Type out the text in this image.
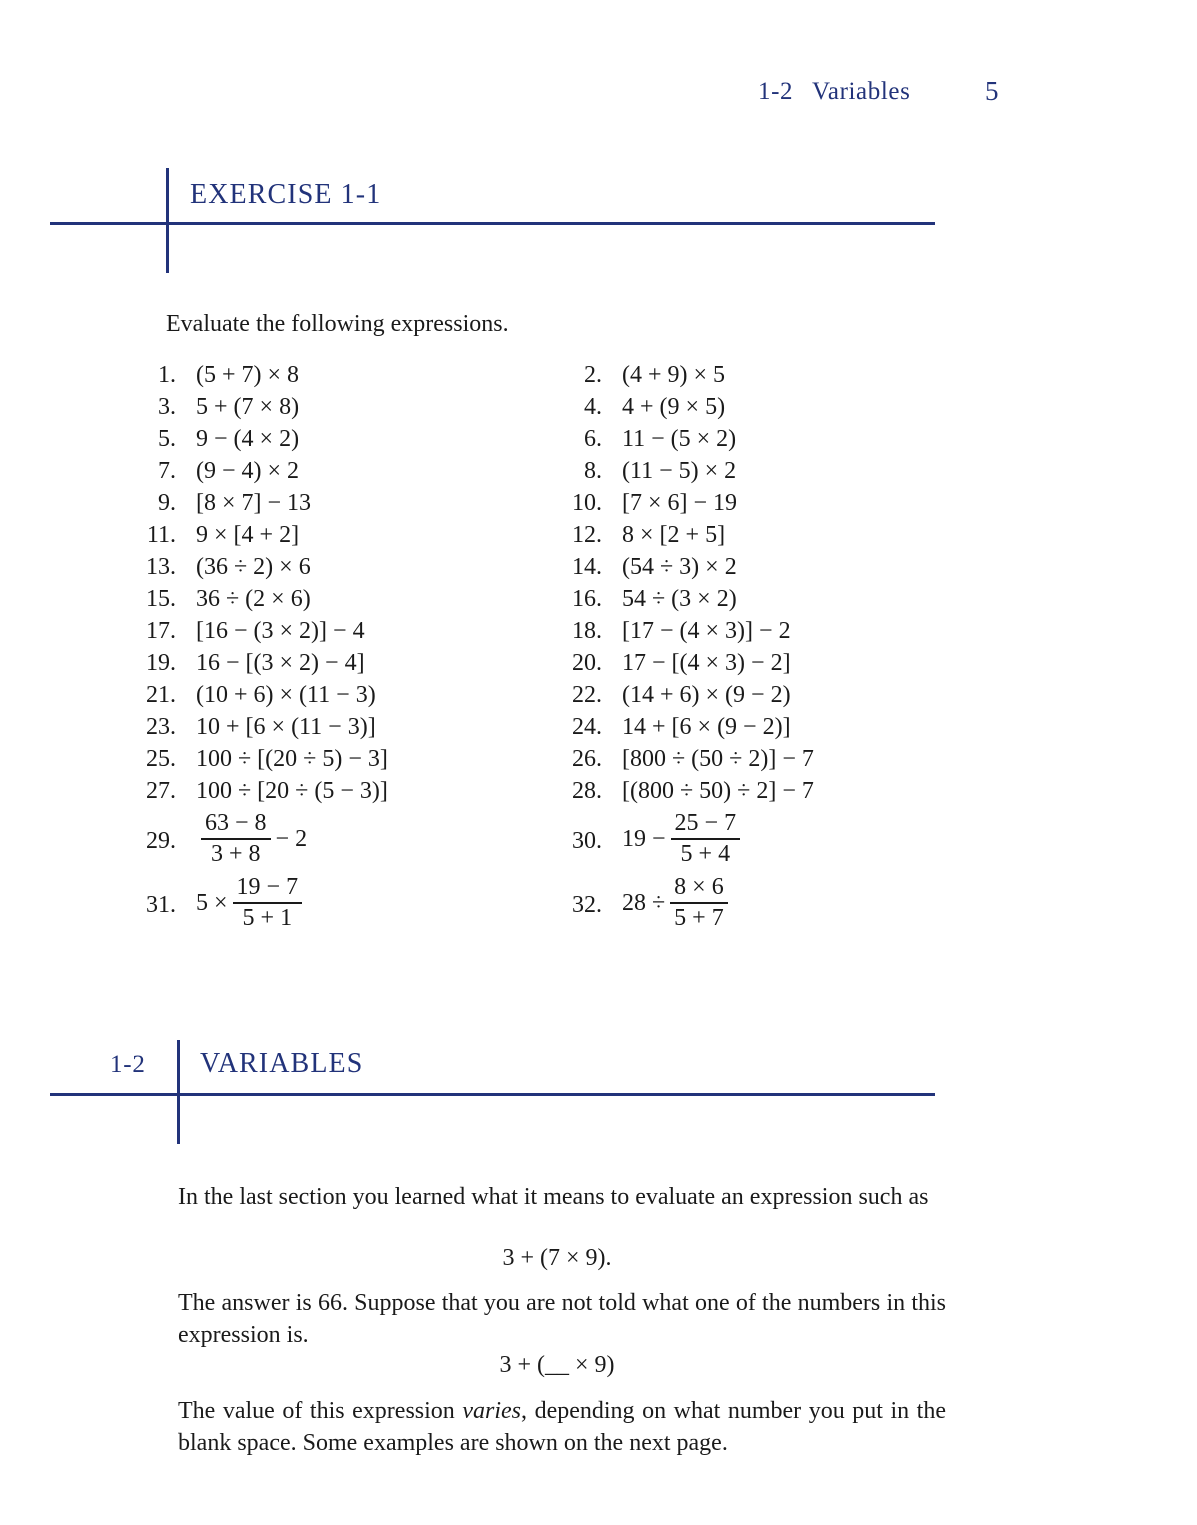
1-2 Variables	5
EXERCISE 1-1
Evaluate the following expressions.
1. (5 + 7) × 8	2. (4 + 9) × 5
3. 5 + (7 × 8)	4. 4 + (9 × 5)
5. 9 − (4 × 2)	6. 11 − (5 × 2)
7. (9 − 4) × 2	8. (11 − 5) × 2
9. [8 × 7] − 13	10. [7 × 6] − 19
11. 9 × [4 + 2]	12. 8 × [2 + 5]
13. (36 ÷ 2) × 6	14. (54 ÷ 3) × 2
15. 36 ÷ (2 × 6)	16. 54 ÷ (3 × 2)
17. [16 − (3 × 2)] − 4	18. [17 − (4 × 3)] − 2
19. 16 − [(3 × 2) − 4]	20. 17 − [(4 × 3) − 2]
21. (10 + 6) × (11 − 3)	22. (14 + 6) × (9 − 2)
23. 10 + [6 × (11 − 3)]	24. 14 + [6 × (9 − 2)]
25. 100 ÷ [(20 ÷ 5) − 3]	26. [800 ÷ (50 ÷ 2)] − 7
27. 100 ÷ [20 ÷ (5 − 3)]	28. [(800 ÷ 50) ÷ 2] − 7
29. $\frac{63 - 8}{3 + 8} - 2$	30. $19 - \frac{25 - 7}{5 + 4}$
31. $5 \times \frac{19 - 7}{5 + 1}$	32. $28 \div \frac{8 \times 6}{5 + 7}$
1-2 VARIABLES
In the last section you learned what it means to evaluate an expression such as
3 + (7 × 9).
The answer is 66. Suppose that you are not told what one of the numbers in this expression is.
3 + (__ × 9)
The value of this expression varies, depending on what number you put in the blank space. Some examples are shown on the next page.
